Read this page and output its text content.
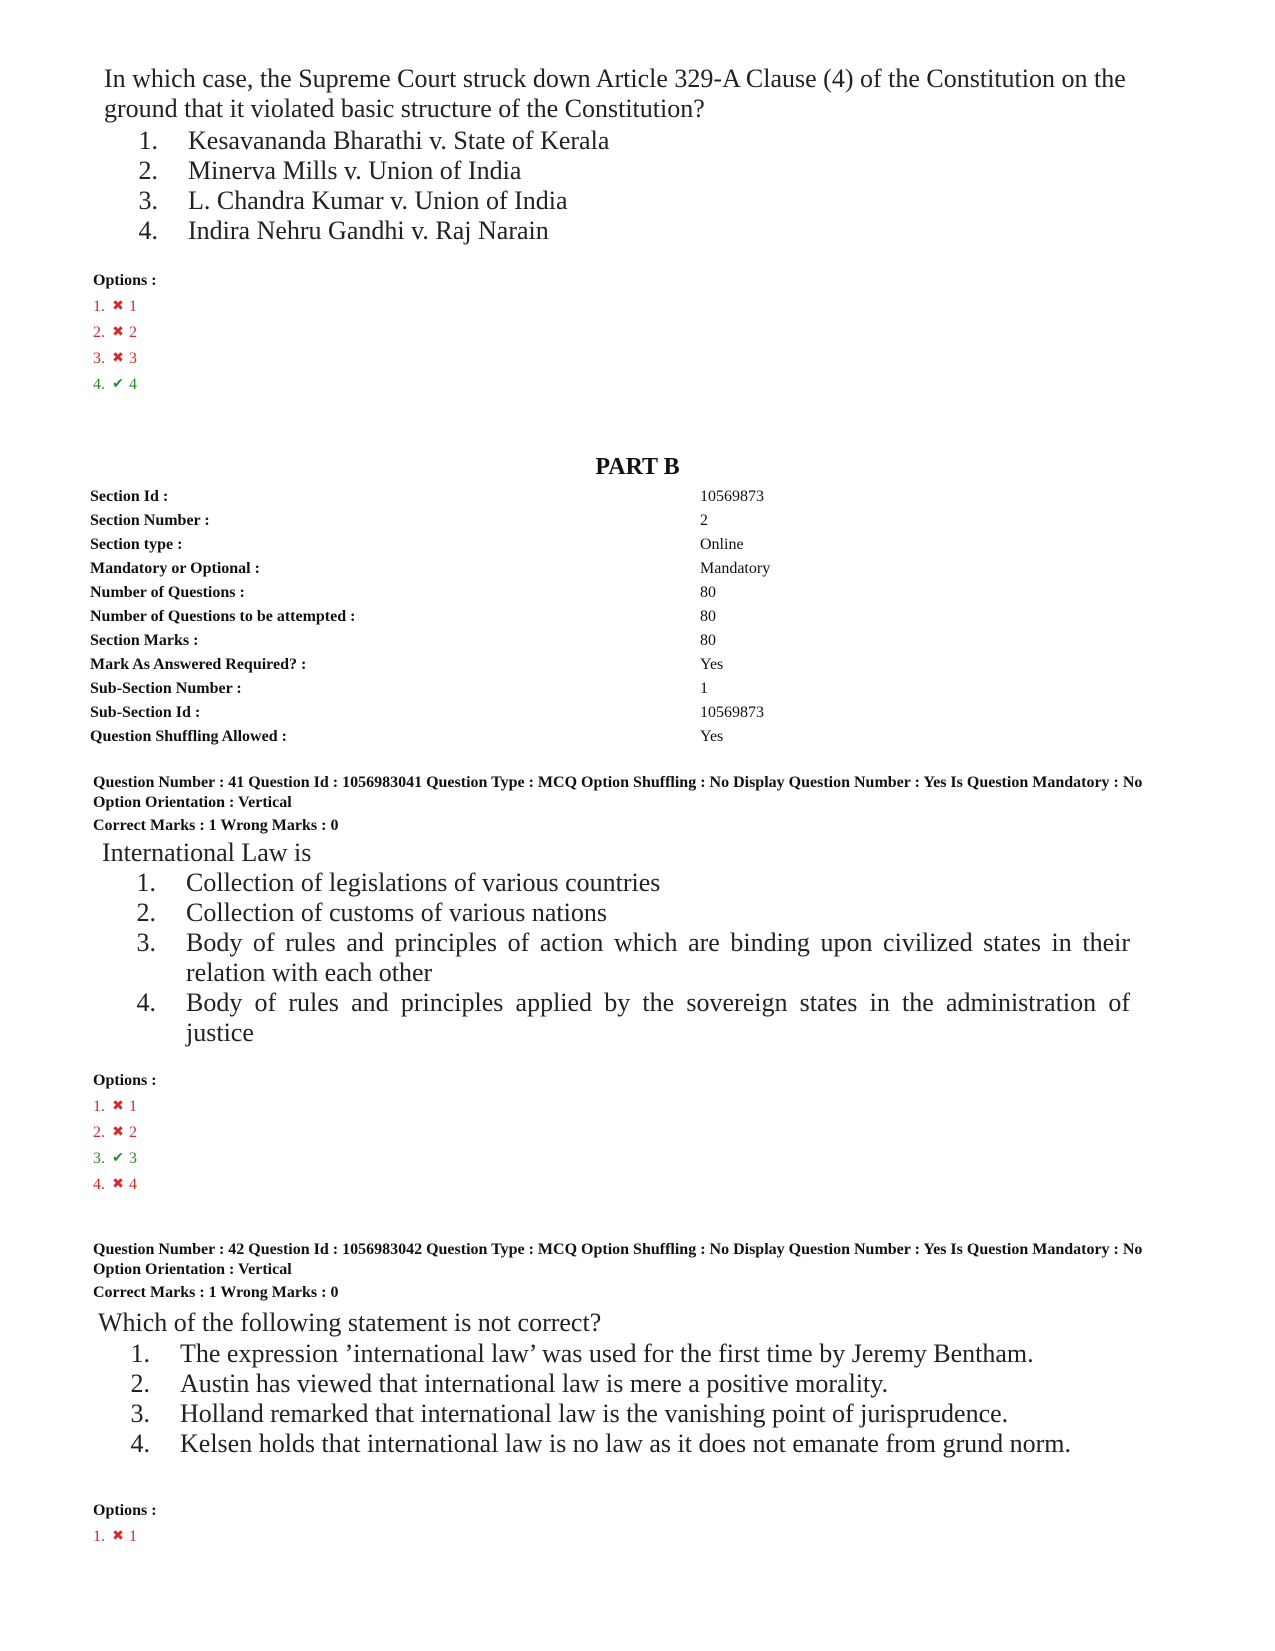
In which case, the Supreme Court struck down Article 329-A Clause (4) of the Constitution on the ground that it violated basic structure of the Constitution?
1.	Kesavananda Bharathi v. State of Kerala
2.	Minerva Mills v. Union of India
3.	L. Chandra Kumar v. Union of India
4.	Indira Nehru Gandhi v. Raj Narain
Options :
1. ✖ 1
2. ✖ 2
3. ✖ 3
4. ✔ 4
PART B
Section Id :	10569873
Section Number :	2
Section type :	Online
Mandatory or Optional :	Mandatory
Number of Questions :	80
Number of Questions to be attempted :	80
Section Marks :	80
Mark As Answered Required? :	Yes
Sub-Section Number :	1
Sub-Section Id :	10569873
Question Shuffling Allowed :	Yes
Question Number : 41 Question Id : 1056983041 Question Type : MCQ Option Shuffling : No Display Question Number : Yes Is Question Mandatory : No Option Orientation : Vertical
Correct Marks : 1 Wrong Marks : 0
International Law is
1.	Collection of legislations of various countries
2.	Collection of customs of various nations
3.	Body of rules and principles of action which are binding upon civilized states in their relation with each other
4.	Body of rules and principles applied by the sovereign states in the administration of justice
Options :
1. ✖ 1
2. ✖ 2
3. ✔ 3
4. ✖ 4
Question Number : 42 Question Id : 1056983042 Question Type : MCQ Option Shuffling : No Display Question Number : Yes Is Question Mandatory : No Option Orientation : Vertical
Correct Marks : 1 Wrong Marks : 0
Which of the following statement is not correct?
1.	The expression ’international law’ was used for the first time by Jeremy Bentham.
2.	Austin has viewed that international law is mere a positive morality.
3.	Holland remarked that international law is the vanishing point of jurisprudence.
4.	Kelsen holds that international law is no law as it does not emanate from grund norm.
Options :
1. ✖ 1
